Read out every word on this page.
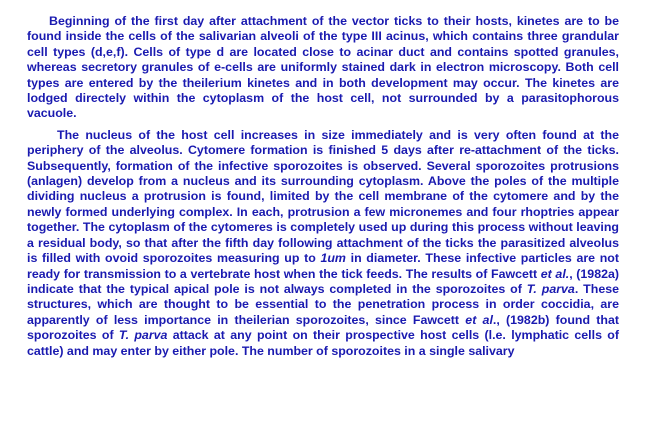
Beginning of the first day after attachment of the vector ticks to their hosts, kinetes are to be found inside the cells of the salivarian alveoli of the type III acinus, which contains three grandular cell types (d,e,f). Cells of type d are located close to acinar duct and contains spotted granules, whereas secretory granules of e-cells are uniformly stained dark in electron microscopy. Both cell types are entered by the theilerium kinetes and in both development may occur. The kinetes are lodged directely within the cytoplasm of the host cell, not surrounded by a parasitophorous vacuole.

The nucleus of the host cell increases in size immediately and is very often found at the periphery of the alveolus. Cytomere formation is finished 5 days after re-attachment of the ticks. Subsequently, formation of the infective sporozoites is observed. Several sporozoites protrusions (anlagen) develop from a nucleus and its surrounding cytoplasm. Above the poles of the multiple dividing nucleus a protrusion is found, limited by the cell membrane of the cytomere and by the newly formed underlying complex. In each, protrusion a few micronemes and four rhoptries appear together. The cytoplasm of the cytomeres is completely used up during this process without leaving a residual body, so that after the fifth day following attachment of the ticks the parasitized alveolus is filled with ovoid sporozoites measuring up to 1um in diameter. These infective particles are not ready for transmission to a vertebrate host when the tick feeds. The results of Fawcett et al., (1982a) indicate that the typical apical pole is not always completed in the sporozoites of T. parva. These structures, which are thought to be essential to the penetration process in order coccidia, are apparently of less importance in theilerian sporozoites, since Fawcett et al., (1982b) found that sporozoites of T. parva attack at any point on their prospective host cells (l.e. lymphatic cells of cattle) and may enter by either pole. The number of sporozoites in a single salivary
